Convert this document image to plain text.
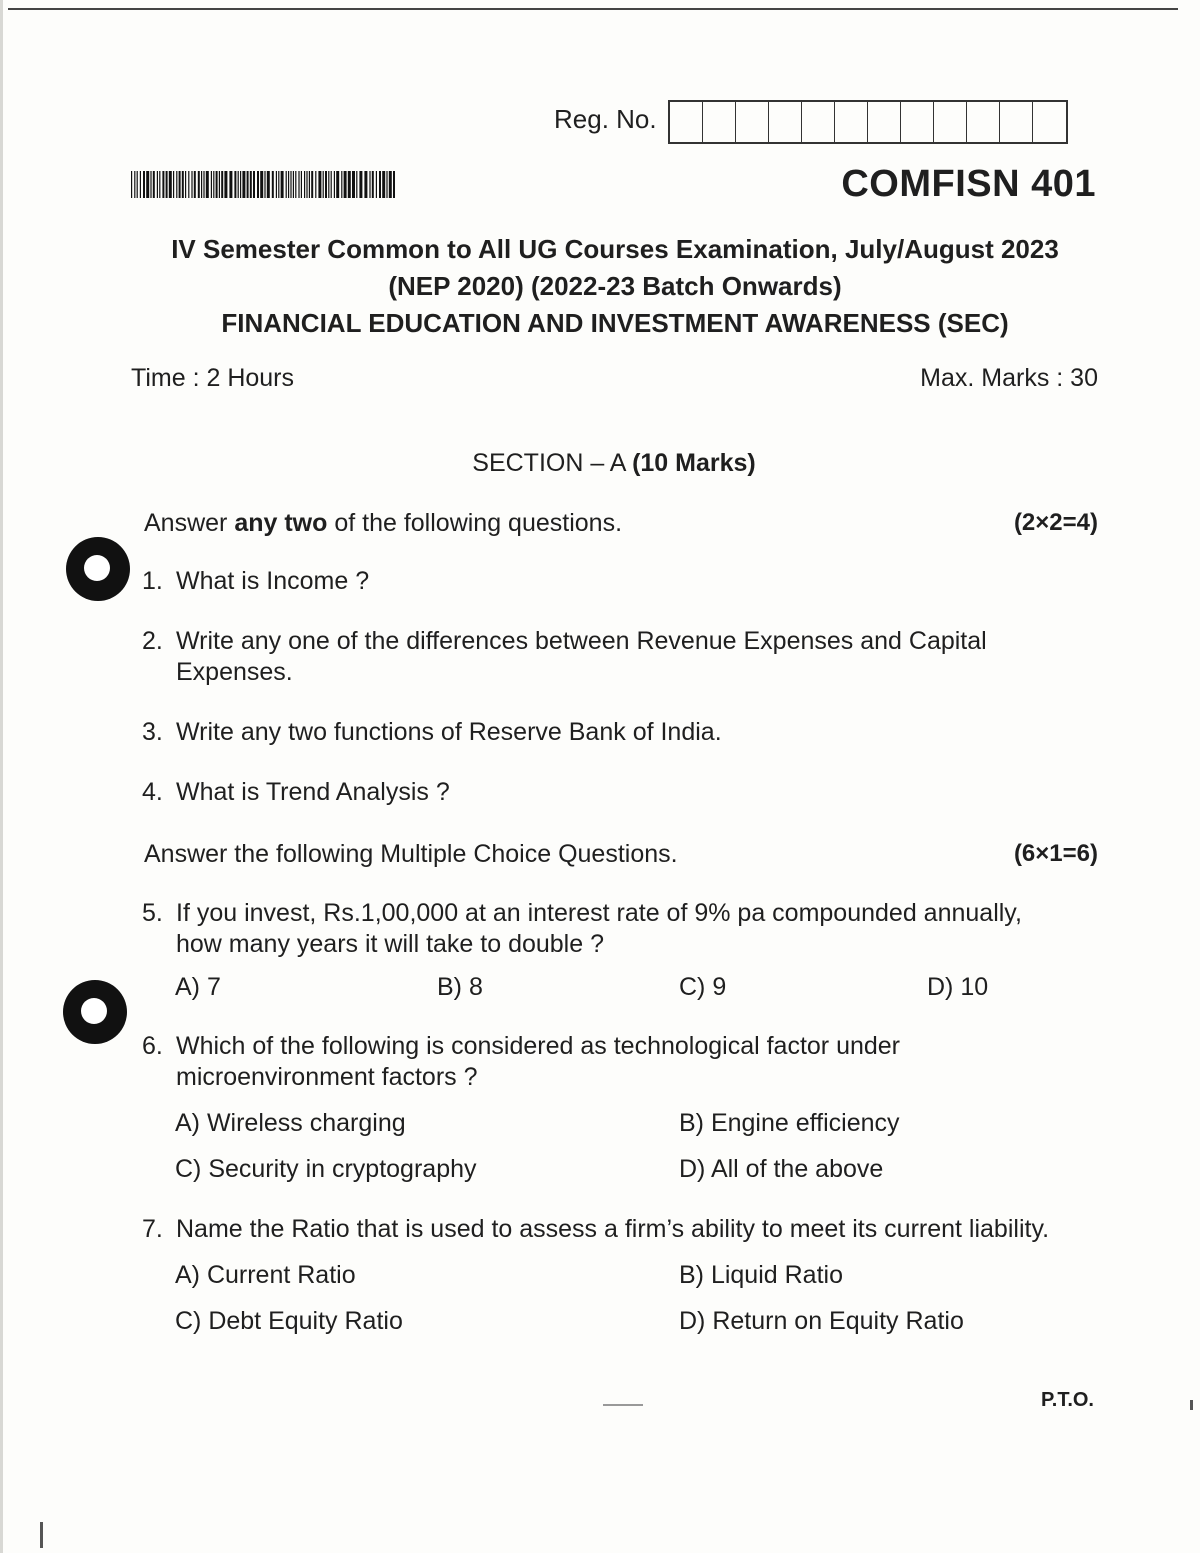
Reg. No.
COMFISN 401
IV Semester Common to All UG Courses Examination, July/August 2023
(NEP 2020) (2022-23 Batch Onwards)
FINANCIAL EDUCATION AND INVESTMENT AWARENESS (SEC)
Time : 2 Hours	Max. Marks : 30
SECTION – A (10 Marks)
Answer any two of the following questions.	(2×2=4)
1. What is Income ?
2. Write any one of the differences between Revenue Expenses and Capital
Expenses.
3. Write any two functions of Reserve Bank of India.
4. What is Trend Analysis ?
Answer the following Multiple Choice Questions.	(6×1=6)
5. If you invest, Rs.1,00,000 at an interest rate of 9% pa compounded annually,
how many years it will take to double ?
A) 7	B) 8	C) 9	D) 10
6. Which of the following is considered as technological factor under
microenvironment factors ?
A) Wireless charging	B) Engine efficiency
C) Security in cryptography	D) All of the above
7. Name the Ratio that is used to assess a firm’s ability to meet its current liability.
A) Current Ratio	B) Liquid Ratio
C) Debt Equity Ratio	D) Return on Equity Ratio
P.T.O.
